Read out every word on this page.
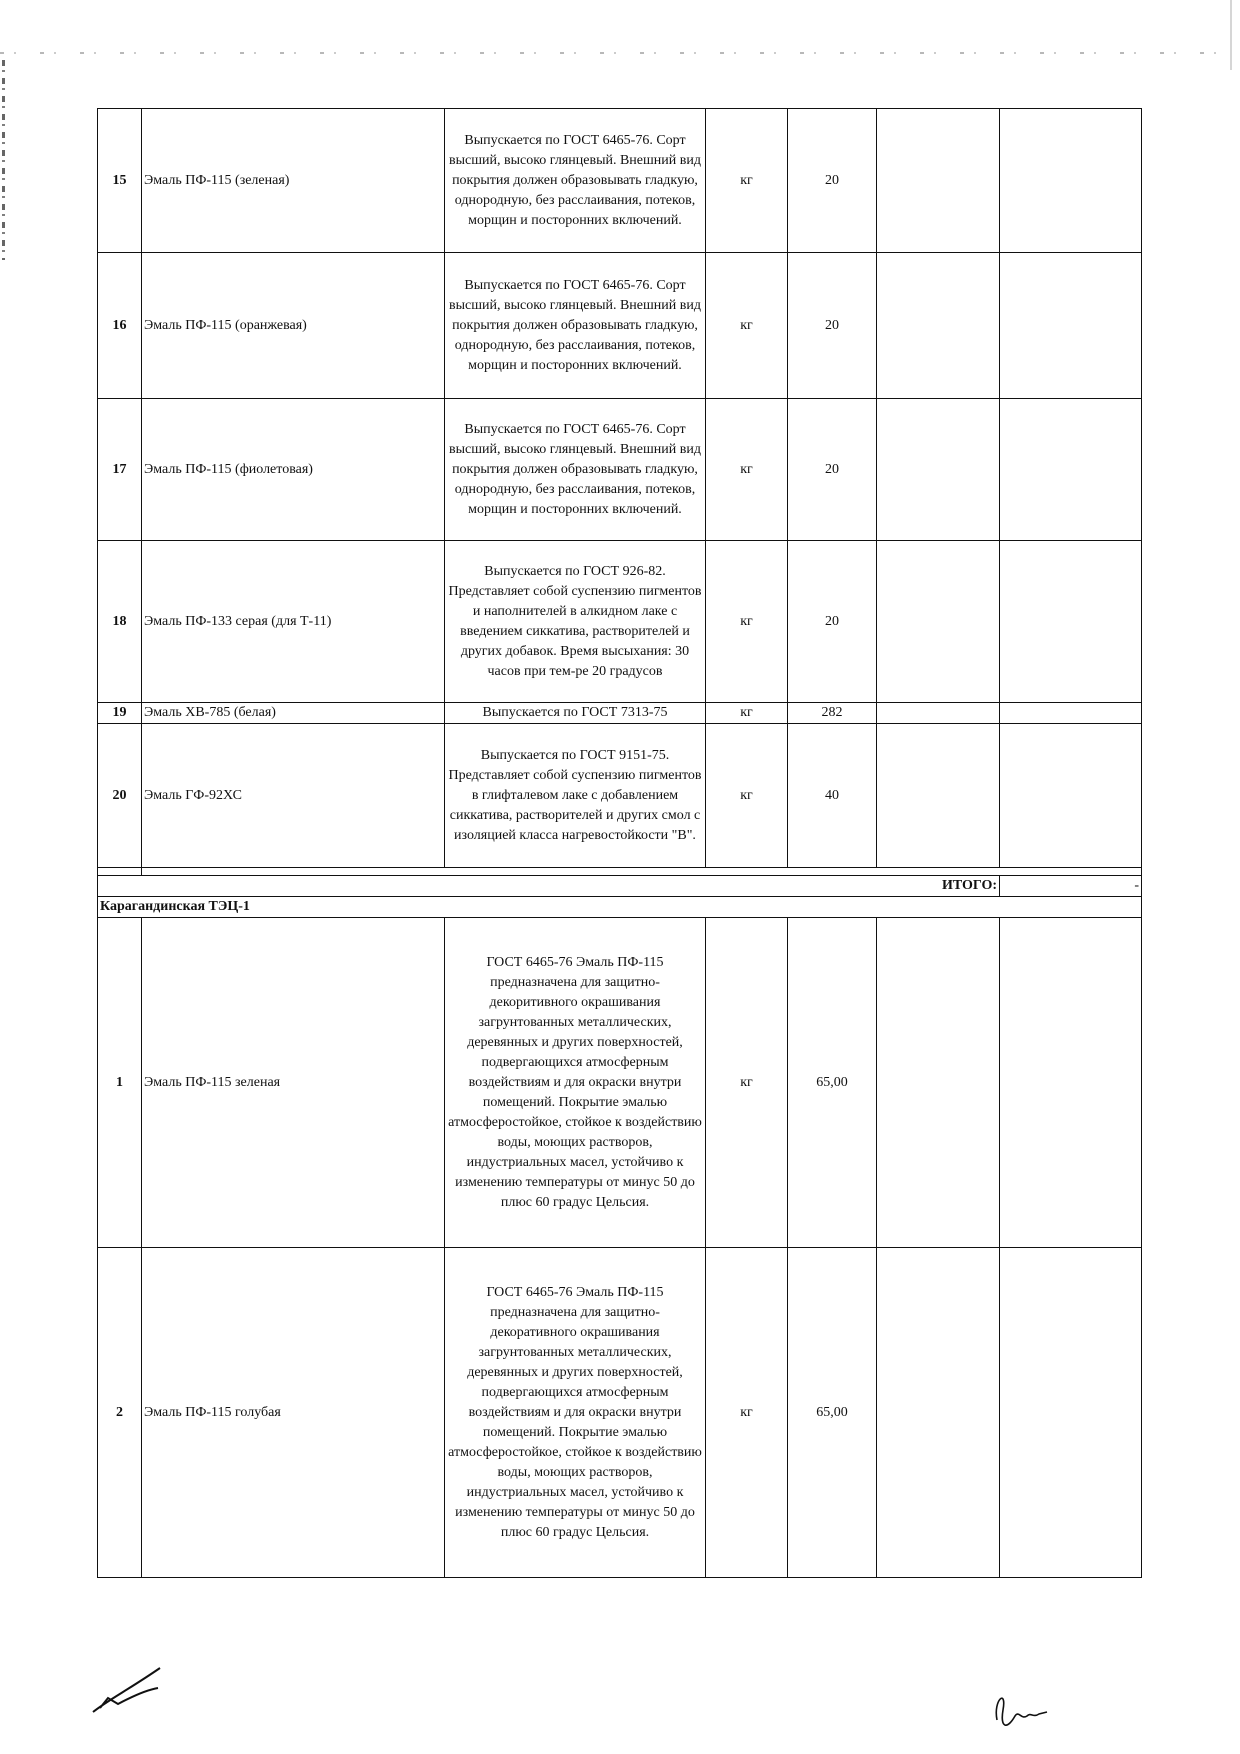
15	Эмаль ПФ-115 (зеленая)	Выпускается по ГОСТ 6465-76. Сорт высший, высоко глянцевый. Внешний вид покрытия должен образовывать гладкую, однородную, без расслаивания, потеков, морщин и посторонних включений.	кг	20		
16	Эмаль ПФ-115 (оранжевая)	Выпускается по ГОСТ 6465-76. Сорт высший, высоко глянцевый. Внешний вид покрытия должен образовывать гладкую, однородную, без расслаивания, потеков, морщин и посторонних включений.	кг	20		
17	Эмаль ПФ-115 (фиолетовая)	Выпускается по ГОСТ 6465-76. Сорт высший, высоко глянцевый. Внешний вид покрытия должен образовывать гладкую, однородную, без расслаивания, потеков, морщин и посторонних включений.	кг	20		
18	Эмаль ПФ-133 серая (для Т-11)	Выпускается по ГОСТ 926-82. Представляет собой суспензию пигментов и наполнителей в алкидном лаке с введением сиккатива, растворителей и других добавок. Время высыхания: 30 часов при тем-ре 20 градусов	кг	20		
19	Эмаль ХВ-785 (белая)	Выпускается по ГОСТ 7313-75	кг	282		
20	Эмаль ГФ-92ХС	Выпускается по ГОСТ 9151-75. Представляет собой суспензию пигментов в глифталевом лаке с добавлением сиккатива, растворителей и других смол с изоляцией класса нагревостойкости "В".	кг	40		

ИТОГО:						-
Карагандинская ТЭЦ-1						
1	Эмаль ПФ-115 зеленая	ГОСТ 6465-76 Эмаль ПФ-115 предназначена для защитно-декоритивного окрашивания загрунтованных металлических, деревянных и других поверхностей, подвергающихся атмосферным воздействиям и для окраски внутри помещений. Покрытие эмалью атмосферостойкое, стойкое к воздействию воды, моющих растворов, индустриальных масел, устойчиво к изменению температуры от минус 50 до плюс 60 градус Цельсия.	кг	65,00		
2	Эмаль ПФ-115 голубая	ГОСТ 6465-76 Эмаль ПФ-115 предназначена для защитно-декоративного окрашивания загрунтованных металлических, деревянных и других поверхностей, подвергающихся атмосферным воздействиям и для окраски внутри помещений. Покрытие эмалью атмосферостойкое, стойкое к воздействию воды, моющих растворов, индустриальных масел, устойчиво к изменению температуры от минус 50 до плюс 60 градус Цельсия.	кг	65,00		
